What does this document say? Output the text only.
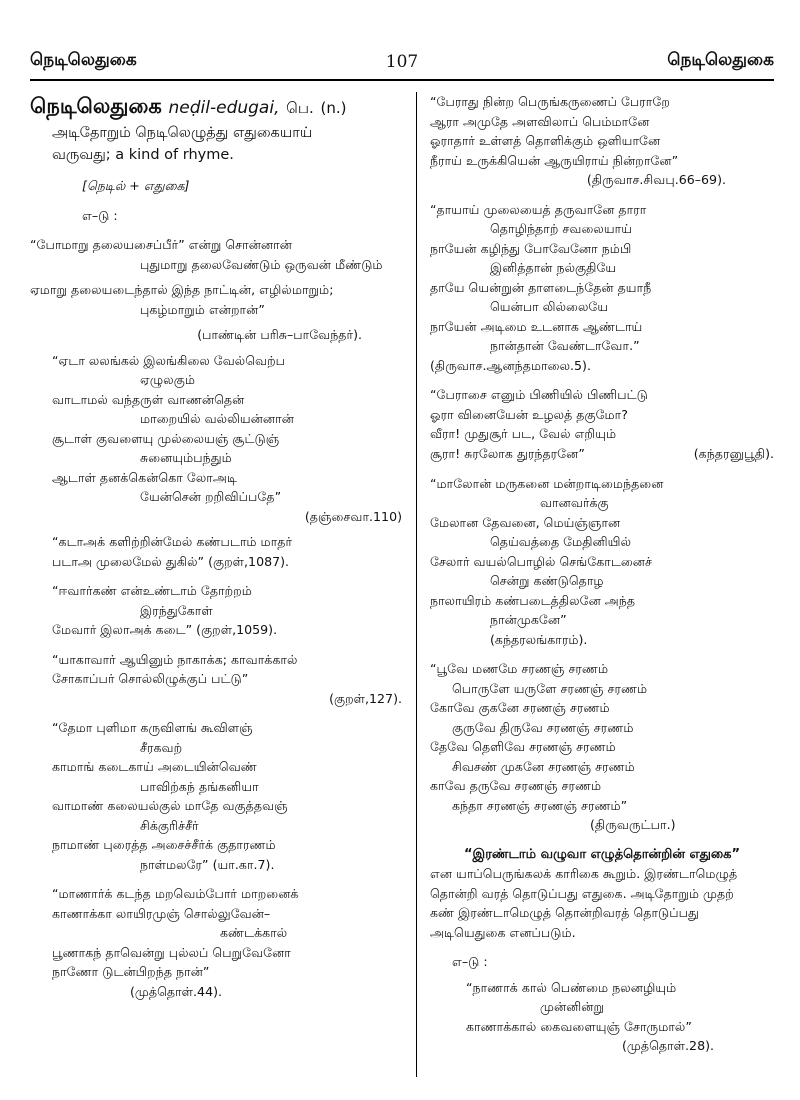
நெடிலெதுகை	107	நெடிலெதுகை
நெடிலெதுகை neḍil-edugai, பெ. (n.)
அடிதோறும் நெடிலெழுத்து எதுகையாய்
வருவது; a kind of rhyme.
[நெடில் + எதுகை]
எ–டு :
“போமாறு தலையசைப்பீர்” என்று சொன்னான்
புதுமாறு தலைவேண்டும் ஒருவன் மீண்டும்
ஏமாறு தலையடைந்தால் இந்த நாட்டின், எழில்மாறும்;
புகழ்மாறும் என்றான்”
(பாண்டின் பரிசு–பாவேந்தர்).
“ஏடா லலங்கல் இலங்கிலை வேல்வெற்ப
ஏழுலகும்
வாடாமல் வந்தருள் வாணன்தென்
மாறையில் வல்லியன்னான்
சூடாள் குவளையு முல்லையஞ் சூட்டுஞ்
சுனையும்பந்தும்
ஆடாள் தனக்கென்கொ லோஅடி
யேன்சென் றறிவிப்பதே”
(தஞ்சைவா.110)
“கடாஅக் களிற்றின்மேல் கண்படாம் மாதர்
படாஅ முலைமேல் துகில்” (குறள்,1087).
“ஈவார்கண் என்உண்டாம் தோற்றம்
இரந்துகோள்
மேவார் இலாஅக் கடை” (குறள்,1059).
“யாகாவார் ஆயினும் நாகாக்க; காவாக்கால்
சோகாப்பர் சொல்லிழுக்குப் பட்டு”
(குறள்,127).
“தேமா புளிமா கருவிளங் கூவிளஞ்
சீரகவற்
காமாங் கடைகாய் அடையின்வெண்
பாவிற்கந் தங்கனியா
வாமாண் கலையல்குல் மாதே வகுத்தவஞ்
சிக்குரிச்சீர்
நாமாண் புரைத்த அசைச்சீர்க் குதாரணம்
நாள்மலரே” (யா.கா.7).
“மாணார்க் கடந்த மறவெம்போர் மாறனைக்
காணாக்கா லாயிரமுஞ் சொல்லுவேன்–
கண்டக்கால்
பூணாகந் தாவென்று புல்லப் பெறுவேனோ
நாணோ டுடன்பிறந்த நான்”
(முத்தொள்.44).
“பேராது நின்ற பெருங்கருணைப் பேராறே
ஆரா அமுதே அளவிலாப் பெம்மானே
ஓராதார் உள்ளத் தொளிக்கும் ஒளியானே
நீராய் உருக்கியென் ஆருயிராய் நின்றானே”
(திருவாச.சிவபு.66–69).
“தாயாய் முலையைத் தருவானே தாரா
தொழிந்தாற் சவலையாய்
நாயேன் கழிந்து போவேனோ நம்பி
இனித்தான் நல்குதியே
தாயே யென்றுன் தாளடைந்தேன் தயாநீ
யென்பா லில்லையே
நாயேன் அடிமை உடனாக ஆண்டாய்
நான்தான் வேண்டாவோ.”
(திருவாச.ஆனந்தமாலை.5).
“பேராசை எனும் பிணியில் பிணிபட்டு
ஓரா வினையேன் உழலத் தகுமோ?
வீரா! முதுசூர் பட, வேல் எறியும்
சூரா! சுரலோக துரந்தரனே”	(கந்தரனுபூதி).
“மாலோன் மருகனை மன்றாடிமைந்தனை
வானவர்க்கு
மேலான தேவனை, மெய்ஞ்ஞான
தெய்வத்தை மேதினியில்
சேலார் வயல்பொழில் செங்கோடனைச்
சென்று கண்டுதொழ
நாலாயிரம் கண்படைத்திலனே அந்த
நான்முகனே”
(கந்தரலங்காரம்).
“பூவே மணமே சரணஞ் சரணம்
பொருளே யருளே சரணஞ் சரணம்
கோவே குகனே சரணஞ் சரணம்
குருவே திருவே சரணஞ் சரணம்
தேவே தெளிவே சரணஞ் சரணம்
சிவசண் முகனே சரணஞ் சரணம்
காவே தருவே சரணஞ் சரணம்
கந்தா சரணஞ் சரணஞ் சரணம்”
(திருவருட்பா.)
“இரண்டாம் வழுவா எழுத்தொன்றின் எதுகை”
என யாப்பெருங்கலக் காரிகை கூறும். இரண்டாமெழுத்
தொன்றி வரத் தொடுப்பது எதுகை. அடிதோறும் முதற்
கண் இரண்டாமெழுத் தொன்றிவரத் தொடுப்பது
அடியெதுகை எனப்படும்.
எ–டு :
“நாணாக் கால் பெண்மை நலனழியும்
முன்னின்று
காணாக்கால் கைவளையுஞ் சோருமால்”
(முத்தொள்.28).
